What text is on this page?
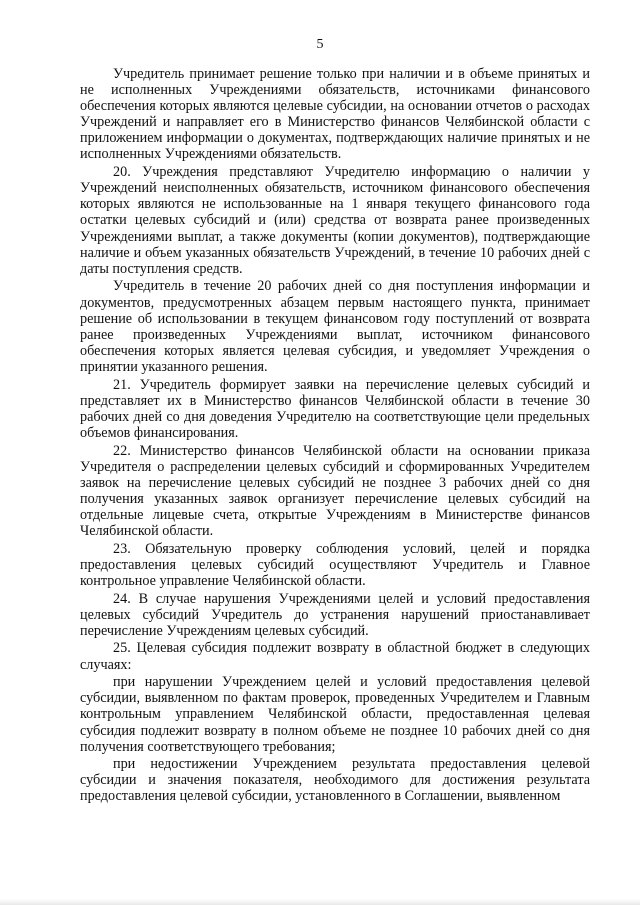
5

Учредитель принимает решение только при наличии и в объеме принятых и не исполненных Учреждениями обязательств, источниками финансового обеспечения которых являются целевые субсидии, на основании отчетов о расходах Учреждений и направляет его в Министерство финансов Челябинской области с приложением информации о документах, подтверждающих наличие принятых и не исполненных Учреждениями обязательств.

20. Учреждения представляют Учредителю информацию о наличии у Учреждений неисполненных обязательств, источником финансового обеспечения которых являются не использованные на 1 января текущего финансового года остатки целевых субсидий и (или) средства от возврата ранее произведенных Учреждениями выплат, а также документы (копии документов), подтверждающие наличие и объем указанных обязательств Учреждений, в течение 10 рабочих дней с даты поступления средств.

Учредитель в течение 20 рабочих дней со дня поступления информации и документов, предусмотренных абзацем первым настоящего пункта, принимает решение об использовании в текущем финансовом году поступлений от возврата ранее произведенных Учреждениями выплат, источником финансового обеспечения которых является целевая субсидия, и уведомляет Учреждения о принятии указанного решения.

21. Учредитель формирует заявки на перечисление целевых субсидий и представляет их в Министерство финансов Челябинской области в течение 30 рабочих дней со дня доведения Учредителю на соответствующие цели предельных объемов финансирования.

22. Министерство финансов Челябинской области на основании приказа Учредителя о распределении целевых субсидий и сформированных Учредителем заявок на перечисление целевых субсидий не позднее 3 рабочих дней со дня получения указанных заявок организует перечисление целевых субсидий на отдельные лицевые счета, открытые Учреждениям в Министерстве финансов Челябинской области.

23. Обязательную проверку соблюдения условий, целей и порядка предоставления целевых субсидий осуществляют Учредитель и Главное контрольное управление Челябинской области.

24. В случае нарушения Учреждениями целей и условий предоставления целевых субсидий Учредитель до устранения нарушений приостанавливает перечисление Учреждениям целевых субсидий.

25. Целевая субсидия подлежит возврату в областной бюджет в следующих случаях:

при нарушении Учреждением целей и условий предоставления целевой субсидии, выявленном по фактам проверок, проведенных Учредителем и Главным контрольным управлением Челябинской области, предоставленная целевая субсидия подлежит возврату в полном объеме не позднее 10 рабочих дней со дня получения соответствующего требования;

при недостижении Учреждением результата предоставления целевой субсидии и значения показателя, необходимого для достижения результата предоставления целевой субсидии, установленного в Соглашении, выявленном
